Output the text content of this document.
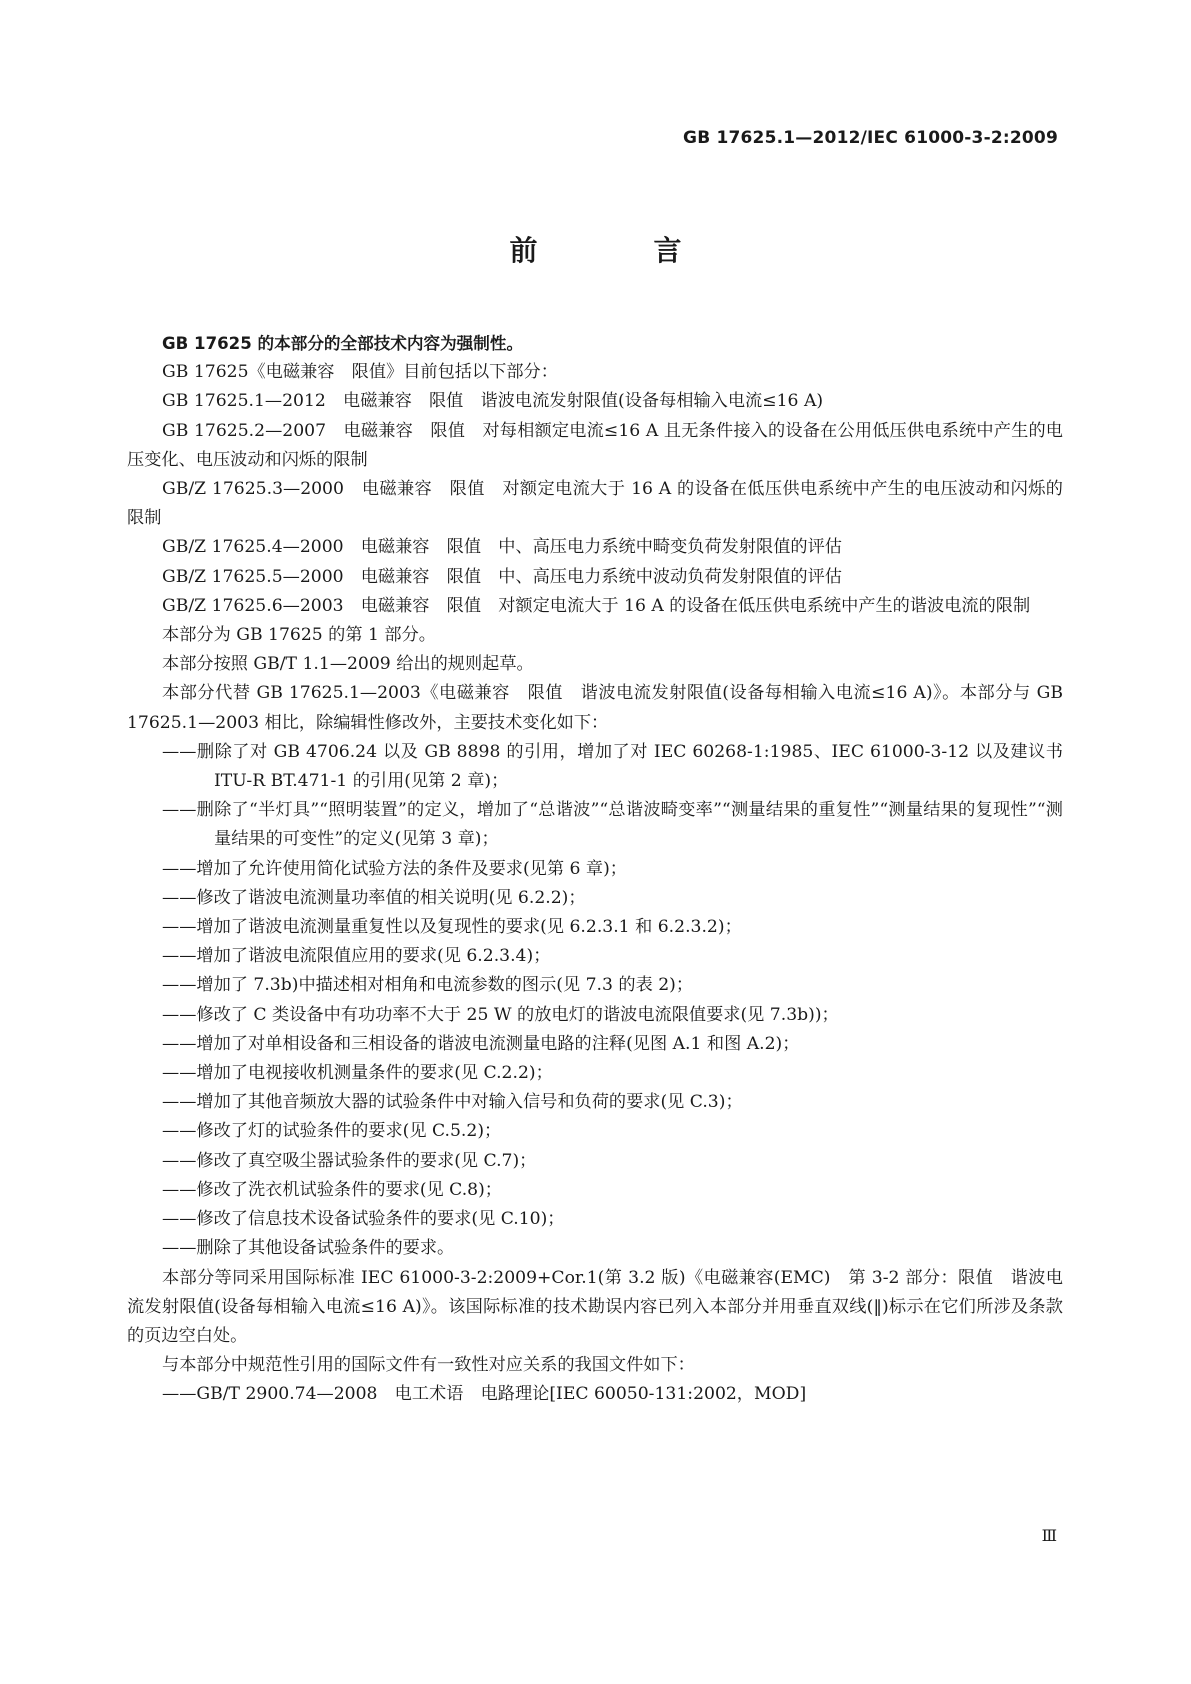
GB 17625.1—2012/IEC 61000-3-2:2009
前　言

GB 17625 的本部分的全部技术内容为强制性。

GB 17625《电磁兼容　限值》目前包括以下部分：

GB 17625.1—2012　电磁兼容　限值　谐波电流发射限值(设备每相输入电流≤16 A)

GB 17625.2—2007　电磁兼容　限值　对每相额定电流≤16 A 且无条件接入的设备在公用低压供电系统中产生的电压变化、电压波动和闪烁的限制

GB/Z 17625.3—2000　电磁兼容　限值　对额定电流大于 16 A 的设备在低压供电系统中产生的电压波动和闪烁的限制

GB/Z 17625.4—2000　电磁兼容　限值　中、高压电力系统中畸变负荷发射限值的评估

GB/Z 17625.5—2000　电磁兼容　限值　中、高压电力系统中波动负荷发射限值的评估

GB/Z 17625.6—2003　电磁兼容　限值　对额定电流大于 16 A 的设备在低压供电系统中产生的谐波电流的限制

本部分为 GB 17625 的第 1 部分。

本部分按照 GB/T 1.1—2009 给出的规则起草。

本部分代替 GB 17625.1—2003《电磁兼容　限值　谐波电流发射限值(设备每相输入电流≤16 A)》。本部分与 GB 17625.1—2003 相比，除编辑性修改外，主要技术变化如下：

——删除了对 GB 4706.24 以及 GB 8898 的引用，增加了对 IEC 60268-1:1985、IEC 61000-3-12 以及建议书 ITU-R BT.471-1 的引用(见第 2 章)；

——删除了“半灯具”“照明装置”的定义，增加了“总谐波”“总谐波畸变率”“测量结果的重复性”“测量结果的复现性”“测量结果的可变性”的定义(见第 3 章)；

——增加了允许使用简化试验方法的条件及要求(见第 6 章)；

——修改了谐波电流测量功率值的相关说明(见 6.2.2)；

——增加了谐波电流测量重复性以及复现性的要求(见 6.2.3.1 和 6.2.3.2)；

——增加了谐波电流限值应用的要求(见 6.2.3.4)；

——增加了 7.3b)中描述相对相角和电流参数的图示(见 7.3 的表 2)；

——修改了 C 类设备中有功功率不大于 25 W 的放电灯的谐波电流限值要求(见 7.3b))；

——增加了对单相设备和三相设备的谐波电流测量电路的注释(见图 A.1 和图 A.2)；

——增加了电视接收机测量条件的要求(见 C.2.2)；

——增加了其他音频放大器的试验条件中对输入信号和负荷的要求(见 C.3)；

——修改了灯的试验条件的要求(见 C.5.2)；

——修改了真空吸尘器试验条件的要求(见 C.7)；

——修改了洗衣机试验条件的要求(见 C.8)；

——修改了信息技术设备试验条件的要求(见 C.10)；

——删除了其他设备试验条件的要求。

本部分等同采用国际标准 IEC 61000-3-2:2009+Cor.1(第 3.2 版)《电磁兼容(EMC)　第 3-2 部分：限值　谐波电流发射限值(设备每相输入电流≤16 A)》。该国际标准的技术勘误内容已列入本部分并用垂直双线(‖)标示在它们所涉及条款的页边空白处。

与本部分中规范性引用的国际文件有一致性对应关系的我国文件如下：

——GB/T 2900.74—2008　电工术语　电路理论[IEC 60050-131:2002，MOD]

Ⅲ
